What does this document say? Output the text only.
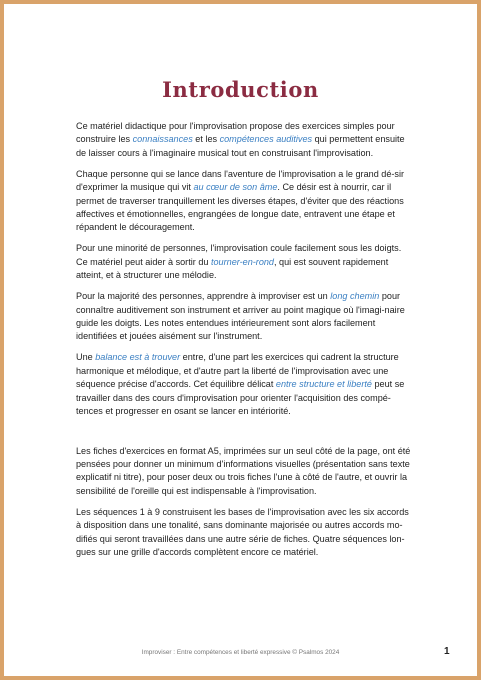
Introduction

Ce matériel didactique pour l'improvisation propose des exercices simples pour construire les connaissances et les compétences auditives qui permettent ensuite de laisser cours à l'imaginaire musical tout en construisant l'improvisation.

Chaque personne qui se lance dans l'aventure de l'improvisation a le grand dé-sir d'exprimer la musique qui vit au cœur de son âme. Ce désir est à nourrir, car il permet de traverser tranquillement les diverses étapes, d'éviter que des réactions affectives et émotionnelles, engrangées de longue date, entravent une étape et répandent le découragement.

Pour une minorité de personnes, l'improvisation coule facilement sous les doigts. Ce matériel peut aider à sortir du tourner-en-rond, qui est souvent rapidement atteint, et à structurer une mélodie.

Pour la majorité des personnes, apprendre à improviser est un long chemin pour connaître auditivement son instrument et arriver au point magique où l'imagi-naire guide les doigts. Les notes entendues intérieurement sont alors facilement identifiées et jouées aisément sur l'instrument.

Une balance est à trouver entre, d'une part les exercices qui cadrent la structure harmonique et mélodique, et d'autre part la liberté de l'improvisation avec une séquence précise d'accords. Cet équilibre délicat entre structure et liberté peut se travailler dans des cours d'improvisation pour orienter l'acquisition des compé-tences et progresser en osant se lancer en intériorité.

Les fiches d'exercices en format A5, imprimées sur un seul côté de la page, ont été pensées pour donner un minimum d'informations visuelles (présentation sans texte explicatif ni titre), pour poser deux ou trois fiches l'une à côté de l'autre, et ouvrir la sensibilité de l'oreille qui est indispensable à l'improvisation.

Les séquences 1 à 9 construisent les bases de l'improvisation avec les six accords à disposition dans une tonalité, sans dominante majorisée ou autres accords mo-difiés qui seront travaillées dans une autre série de fiches. Quatre séquences lon-gues sur une grille d'accords complètent encore ce matériel.

Improviser : Entre compétences et liberté expressive © Psalmos 2024	1
